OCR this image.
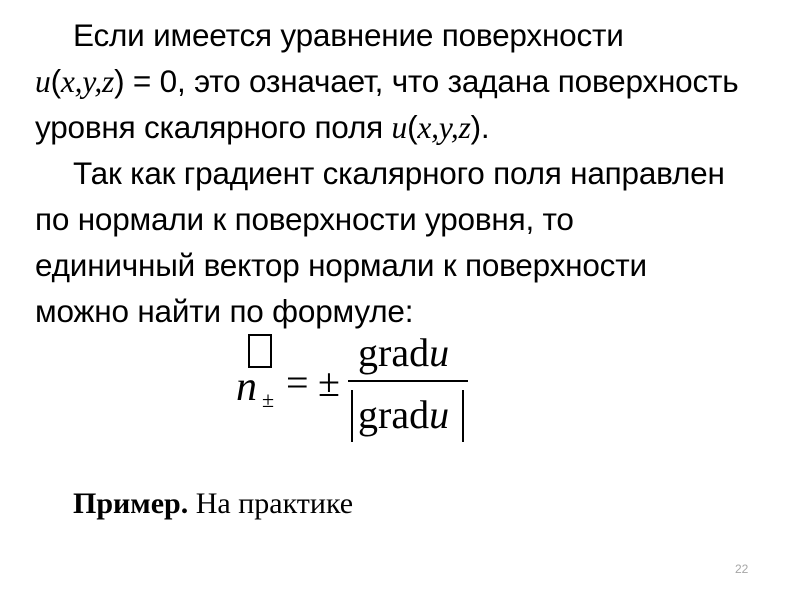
Если имеется уравнение поверхности
u(x,y,z) = 0, это означает, что задана поверхность
уровня скалярного поля u(x,y,z).
Так как градиент скалярного поля направлен
по нормали к поверхности уровня, то
единичный вектор нормали к поверхности
можно найти по формуле:
n ± = ±
gradu
gradu
Пример. На практике
22
